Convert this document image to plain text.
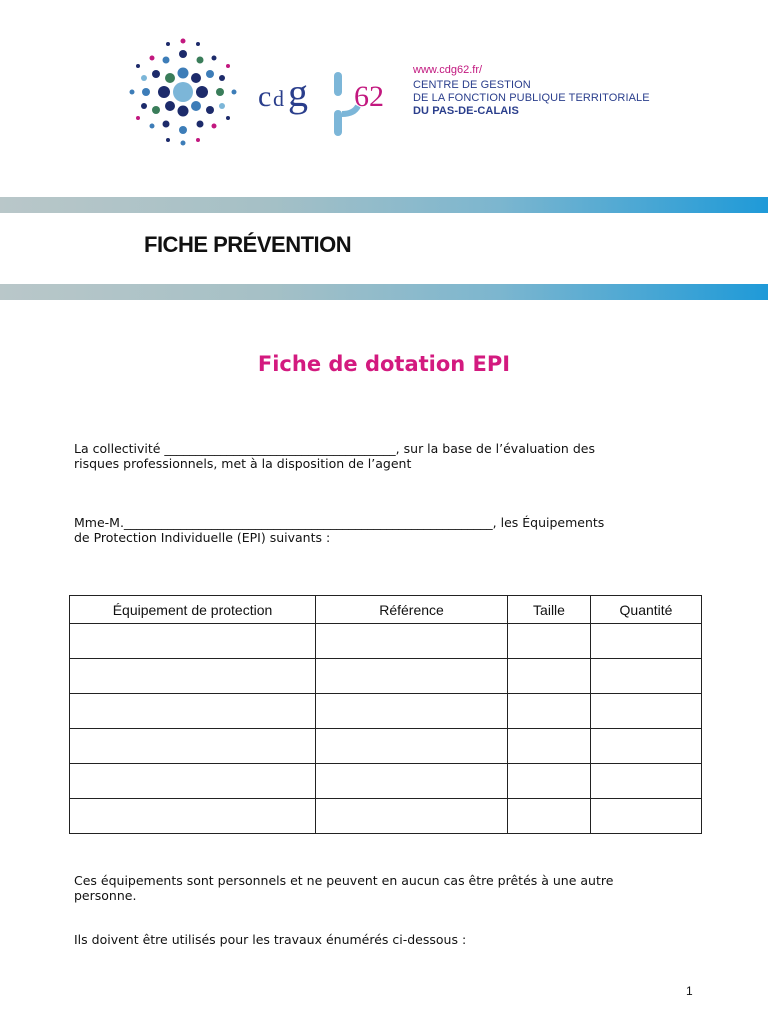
c d g 62
www.cdg62.fr/
CENTRE DE GESTION
DE LA FONCTION PUBLIQUE TERRITORIALE
DU PAS-DE-CALAIS
FICHE PRÉVENTION
Fiche de dotation EPI
La collectivité _____________________________________, sur la base de l’évaluation des
risques professionnels, met à la disposition de l’agent
Mme-M.___________________________________________________________, les Équipements
de Protection Individuelle (EPI) suivants :
Équipement de protection	Référence	Taille	Quantité

Ces équipements sont personnels et ne peuvent en aucun cas être prêtés à une autre
personne.
Ils doivent être utilisés pour les travaux énumérés ci-dessous :
1
